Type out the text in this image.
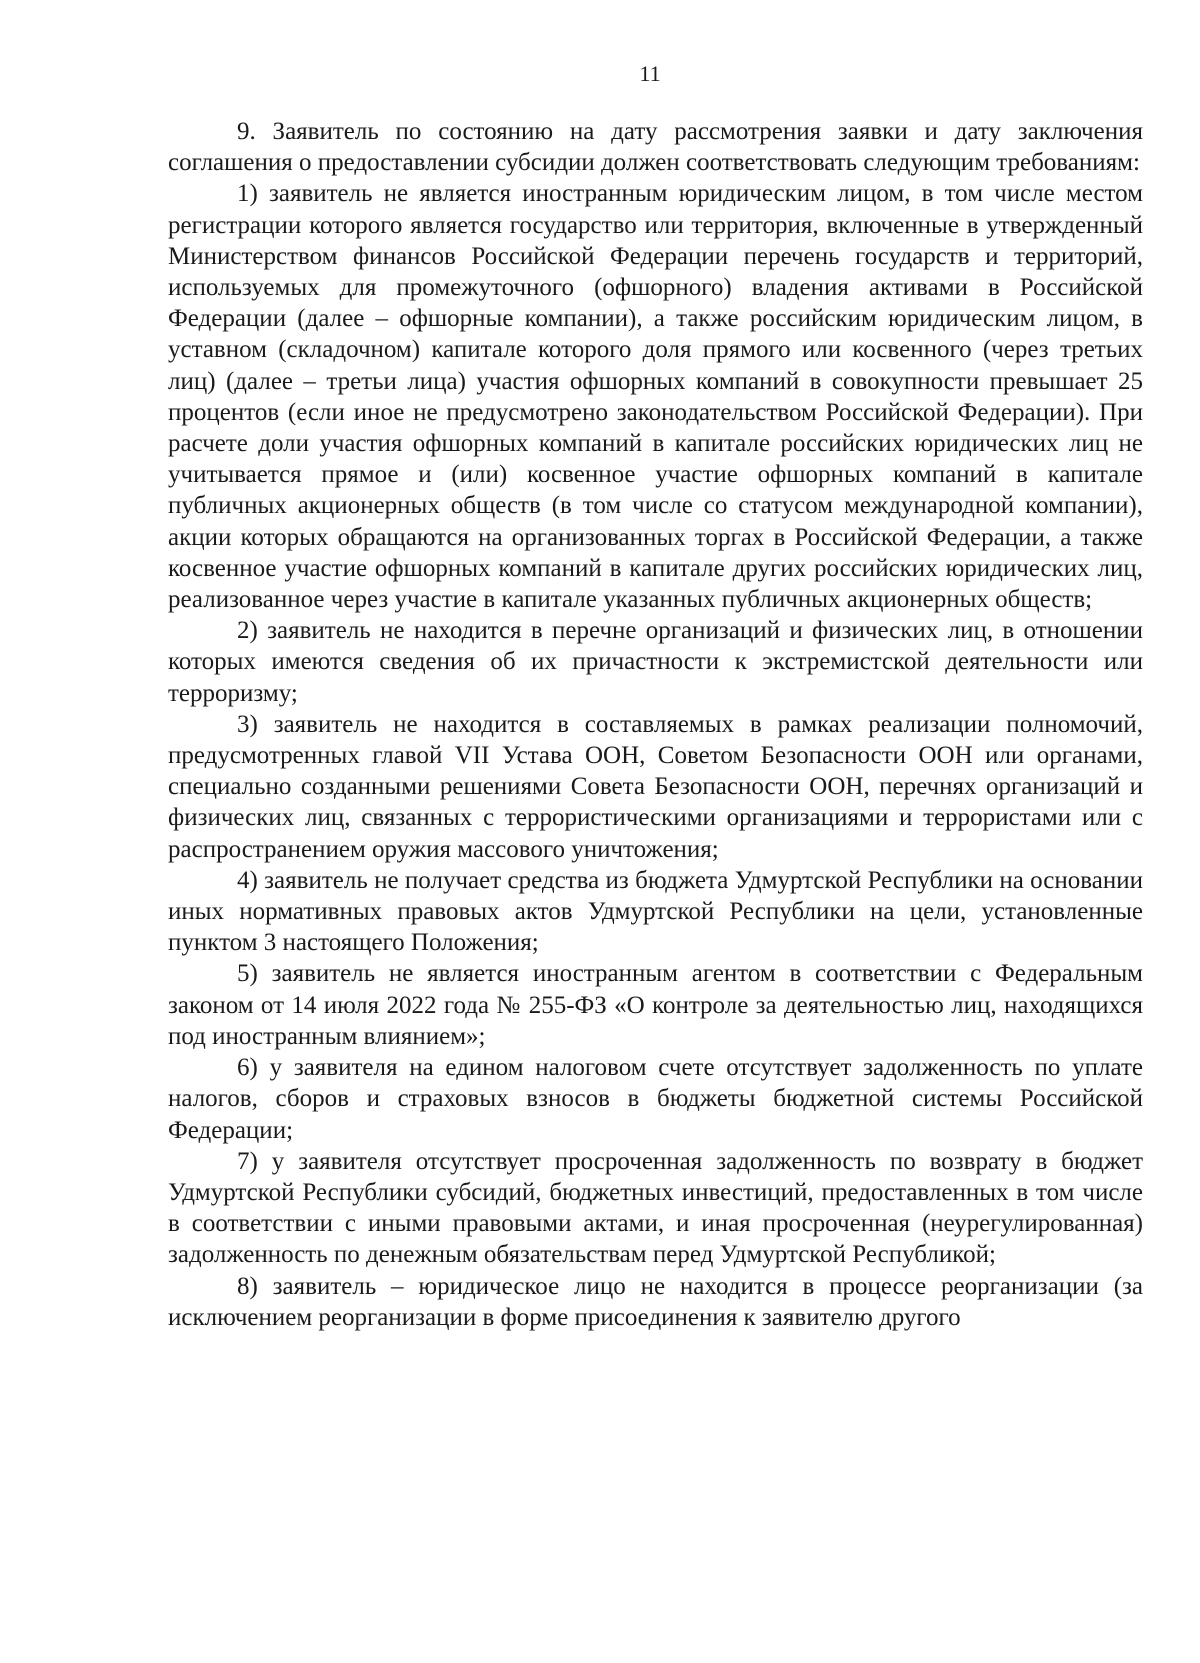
11

9. Заявитель по состоянию на дату рассмотрения заявки и дату заключения соглашения о предоставлении субсидии должен соответствовать следующим требованиям:

1) заявитель не является иностранным юридическим лицом, в том числе местом регистрации которого является государство или территория, включенные в утвержденный Министерством финансов Российской Федерации перечень государств и территорий, используемых для промежуточного (офшорного) владения активами в Российской Федерации (далее – офшорные компании), а также российским юридическим лицом, в уставном (складочном) капитале которого доля прямого или косвенного (через третьих лиц) (далее – третьи лица) участия офшорных компаний в совокупности превышает 25 процентов (если иное не предусмотрено законодательством Российской Федерации). При расчете доли участия офшорных компаний в капитале российских юридических лиц не учитывается прямое и (или) косвенное участие офшорных компаний в капитале публичных акционерных обществ (в том числе со статусом международной компании), акции которых обращаются на организованных торгах в Российской Федерации, а также косвенное участие офшорных компаний в капитале других российских юридических лиц, реализованное через участие в капитале указанных публичных акционерных обществ;

2) заявитель не находится в перечне организаций и физических лиц, в отношении которых имеются сведения об их причастности к экстремистской деятельности или терроризму;

3) заявитель не находится в составляемых в рамках реализации полномочий, предусмотренных главой VII Устава ООН, Советом Безопасности ООН или органами, специально созданными решениями Совета Безопасности ООН, перечнях организаций и физических лиц, связанных с террористическими организациями и террористами или с распространением оружия массового уничтожения;

4) заявитель не получает средства из бюджета Удмуртской Республики на основании иных нормативных правовых актов Удмуртской Республики на цели, установленные пунктом 3 настоящего Положения;

5) заявитель не является иностранным агентом в соответствии с Федеральным законом от 14 июля 2022 года № 255-ФЗ «О контроле за деятельностью лиц, находящихся под иностранным влиянием»;

6) у заявителя на едином налоговом счете отсутствует задолженность по уплате налогов, сборов и страховых взносов в бюджеты бюджетной системы Российской Федерации;

7) у заявителя отсутствует просроченная задолженность по возврату в бюджет Удмуртской Республики субсидий, бюджетных инвестиций, предоставленных в том числе в соответствии с иными правовыми актами, и иная просроченная (неурегулированная) задолженность по денежным обязательствам перед Удмуртской Республикой;

8) заявитель – юридическое лицо не находится в процессе реорганизации (за исключением реорганизации в форме присоединения к заявителю другого
